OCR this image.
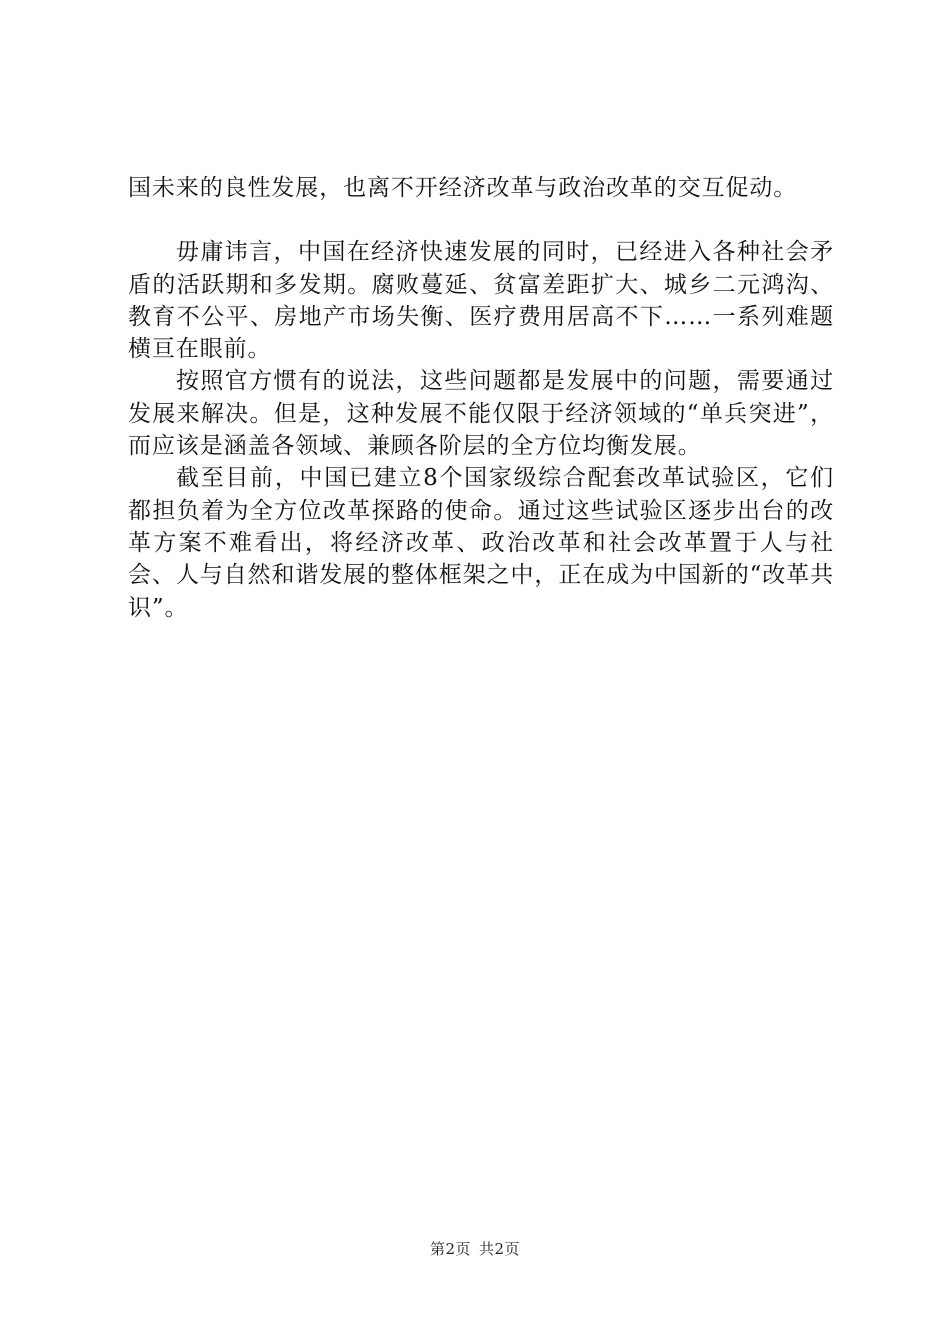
国未来的良性发展，也离不开经济改革与政治改革的交互促动。

毋庸讳言，中国在经济快速发展的同时，已经进入各种社会矛盾的活跃期和多发期。腐败蔓延、贫富差距扩大、城乡二元鸿沟、教育不公平、房地产市场失衡、医疗费用居高不下……一系列难题横亘在眼前。

按照官方惯有的说法，这些问题都是发展中的问题，需要通过发展来解决。但是，这种发展不能仅限于经济领域的“单兵突进”，而应该是涵盖各领域、兼顾各阶层的全方位均衡发展。

截至目前，中国已建立8个国家级综合配套改革试验区，它们都担负着为全方位改革探路的使命。通过这些试验区逐步出台的改革方案不难看出，将经济改革、政治改革和社会改革置于人与社会、人与自然和谐发展的整体框架之中，正在成为中国新的“改革共识”。

第2页 共2页
